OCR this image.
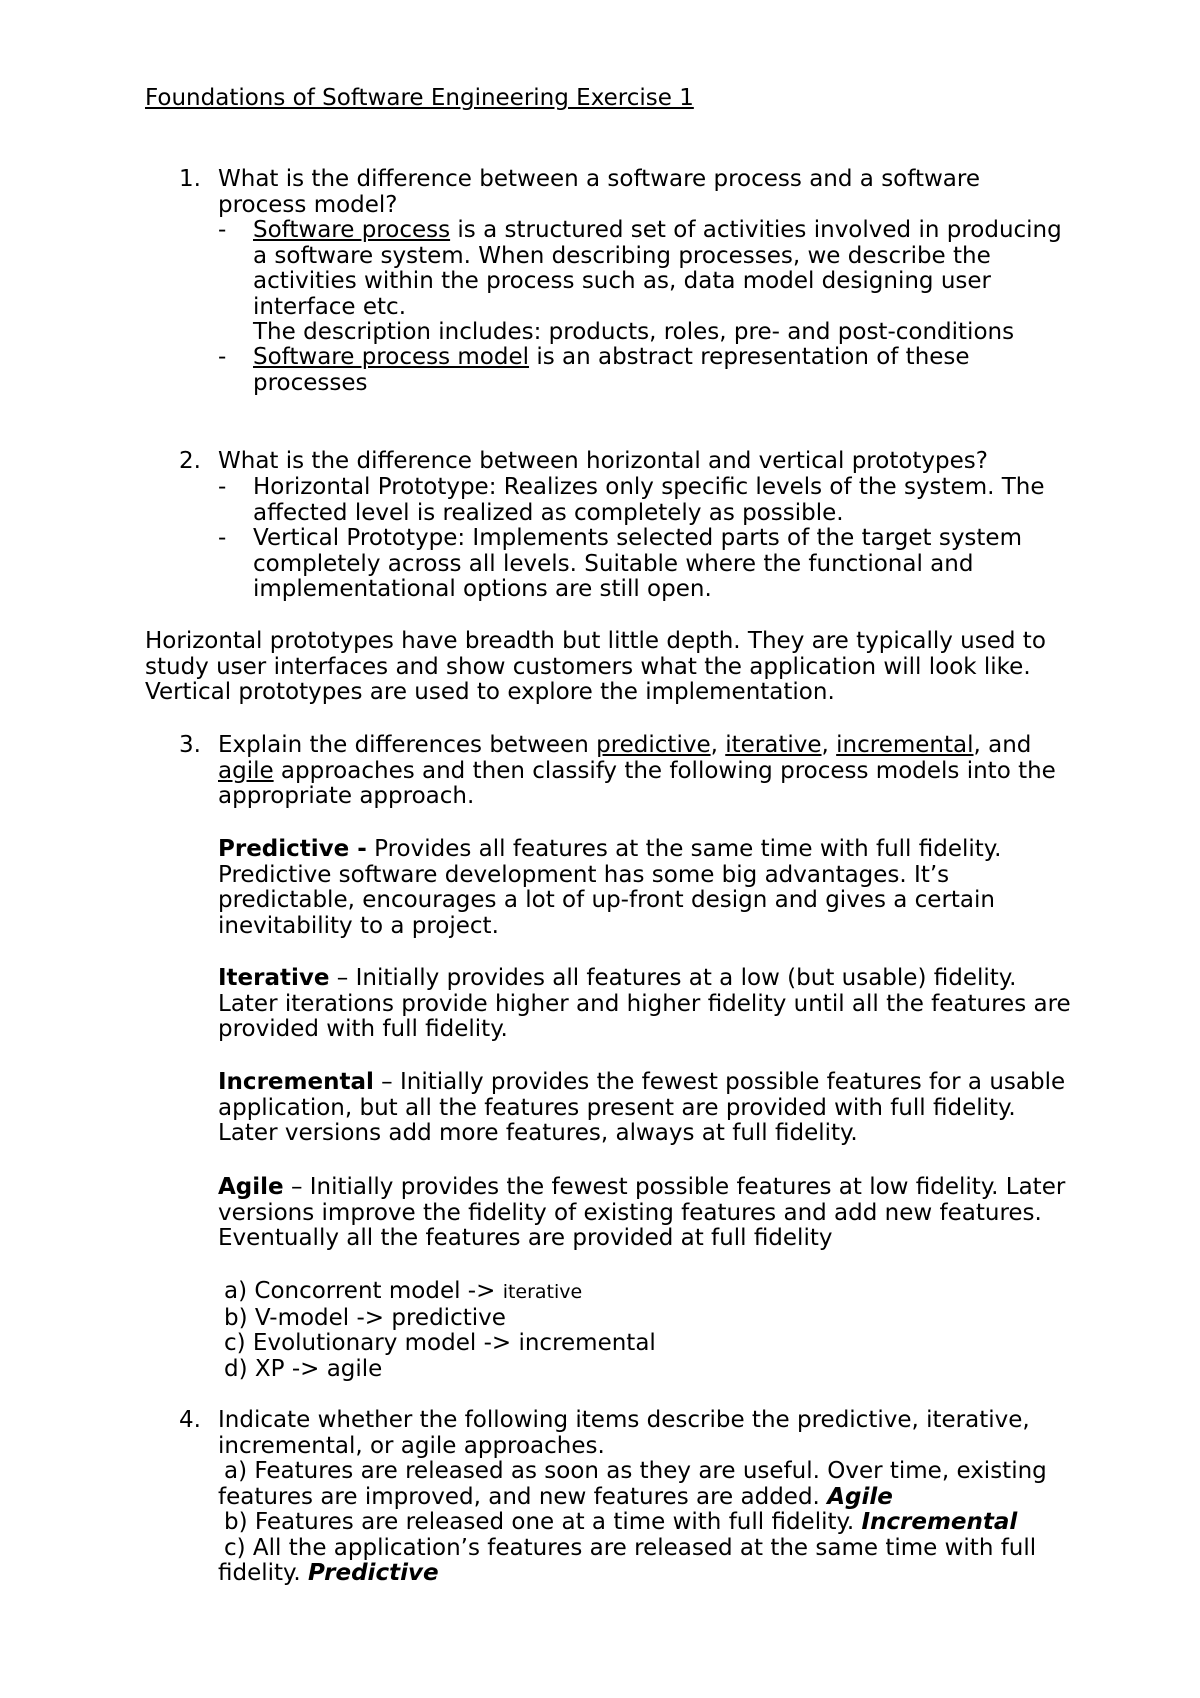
Foundations of Software Engineering Exercise 1
1. What is the difference between a software process and a software

process model?

- Software process is a structured set of activities involved in producing

a software system. When describing processes, we describe the

activities within the process such as, data model designing user

interface etc.

The description includes: products, roles, pre- and post-conditions

- Software process model is an abstract representation of these

processes

2. What is the difference between horizontal and vertical prototypes?

- Horizontal Prototype: Realizes only specific levels of the system. The

affected level is realized as completely as possible.

- Vertical Prototype: Implements selected parts of the target system

completely across all levels. Suitable where the functional and

implementational options are still open.

Horizontal prototypes have breadth but little depth. They are typically used to

study user interfaces and show customers what the application will look like.

Vertical prototypes are used to explore the implementation.

3. Explain the differences between predictive, iterative, incremental, and

agile approaches and then classify the following process models into the

appropriate approach.

Predictive - Provides all features at the same time with full fidelity.

Predictive software development has some big advantages. It’s

predictable, encourages a lot of up-front design and gives a certain

inevitability to a project.

Iterative – Initially provides all features at a low (but usable) fidelity.

Later iterations provide higher and higher fidelity until all the features are

provided with full fidelity.

Incremental – Initially provides the fewest possible features for a usable

application, but all the features present are provided with full fidelity.

Later versions add more features, always at full fidelity.

Agile – Initially provides the fewest possible features at low fidelity. Later

versions improve the fidelity of existing features and add new features.

Eventually all the features are provided at full fidelity

a) Concorrent model -> iterative

b) V-model -> predictive

c) Evolutionary model -> incremental

d) XP -> agile

4. Indicate whether the following items describe the predictive, iterative,

incremental, or agile approaches.

a) Features are released as soon as they are useful. Over time, existing

features are improved, and new features are added. Agile

b) Features are released one at a time with full fidelity. Incremental

c) All the application’s features are released at the same time with full

fidelity. Predictive
